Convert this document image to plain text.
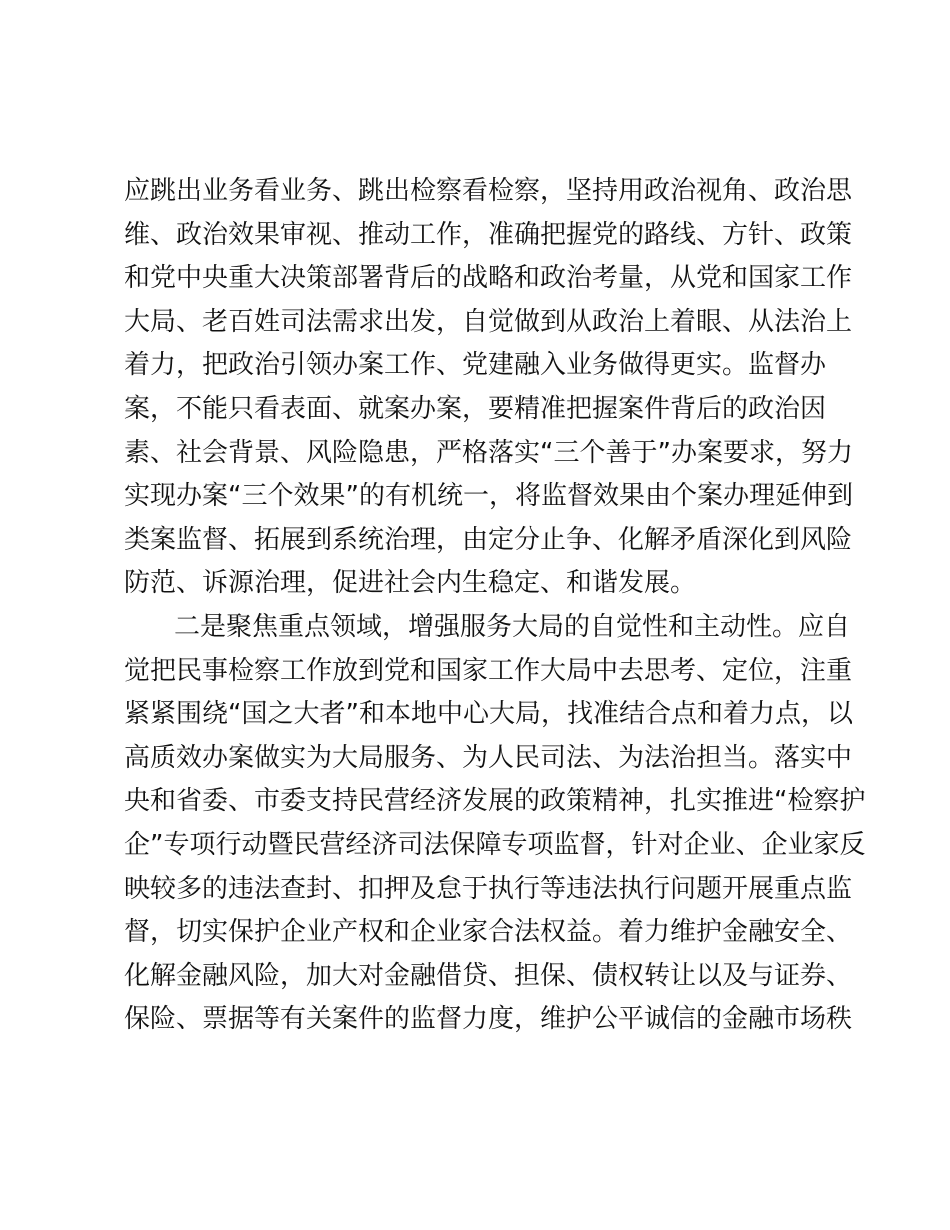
应跳出业务看业务、跳出检察看检察，坚持用政治视角、政治思
维、政治效果审视、推动工作，准确把握党的路线、方针、政策
和党中央重大决策部署背后的战略和政治考量，从党和国家工作
大局、老百姓司法需求出发，自觉做到从政治上着眼、从法治上
着力，把政治引领办案工作、党建融入业务做得更实。监督办
案，不能只看表面、就案办案，要精准把握案件背后的政治因
素、社会背景、风险隐患，严格落实“三个善于”办案要求，努力
实现办案“三个效果”的有机统一，将监督效果由个案办理延伸到
类案监督、拓展到系统治理，由定分止争、化解矛盾深化到风险
防范、诉源治理，促进社会内生稳定、和谐发展。
二是聚焦重点领域，增强服务大局的自觉性和主动性。应自
觉把民事检察工作放到党和国家工作大局中去思考、定位，注重
紧紧围绕“国之大者”和本地中心大局，找准结合点和着力点，以
高质效办案做实为大局服务、为人民司法、为法治担当。落实中
央和省委、市委支持民营经济发展的政策精神，扎实推进“检察护
企”专项行动暨民营经济司法保障专项监督，针对企业、企业家反
映较多的违法查封、扣押及怠于执行等违法执行问题开展重点监
督，切实保护企业产权和企业家合法权益。着力维护金融安全、
化解金融风险，加大对金融借贷、担保、债权转让以及与证券、
保险、票据等有关案件的监督力度，维护公平诚信的金融市场秩
